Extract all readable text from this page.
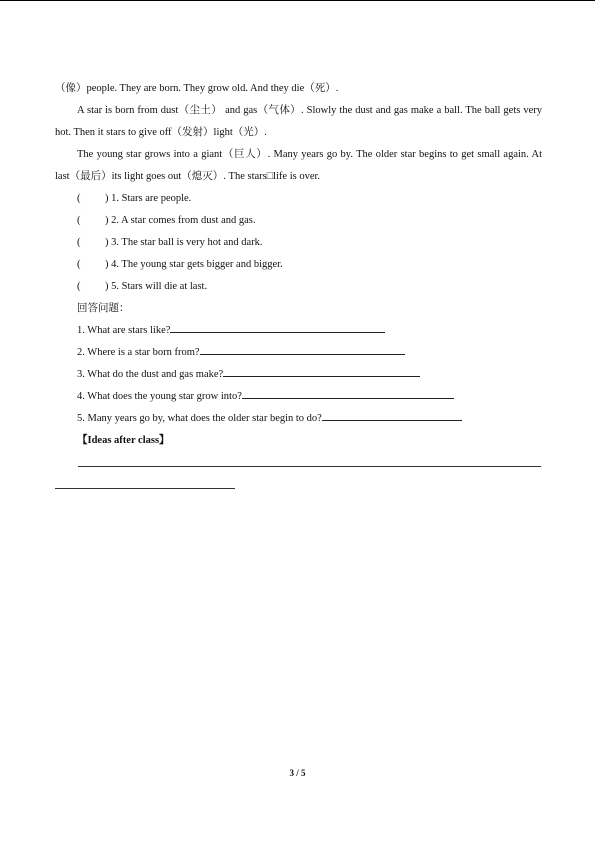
（像）people. They are born. They grow old. And they die（死）.
A star is born from dust（尘土） and gas（气体）. Slowly the dust and gas make a ball. The ball gets very hot. Then it stars to give off（发射）light（光）.
The young star grows into a giant（巨人）. Many years go by. The older star begins to get small again. At last（最后）its light goes out（熄灭）. The stars□life is over.
( ) 1. Stars are people.
( ) 2. A star comes from dust and gas.
( ) 3. The star ball is very hot and dark.
( ) 4. The young star gets bigger and bigger.
( ) 5. Stars will die at last.
回答问题：
1. What are stars like?
2. Where is a star born from?
3. What do the dust and gas make?
4. What does the young star grow into?
5. Many years go by, what does the older star begin to do?
【Ideas after class】
3 / 5
